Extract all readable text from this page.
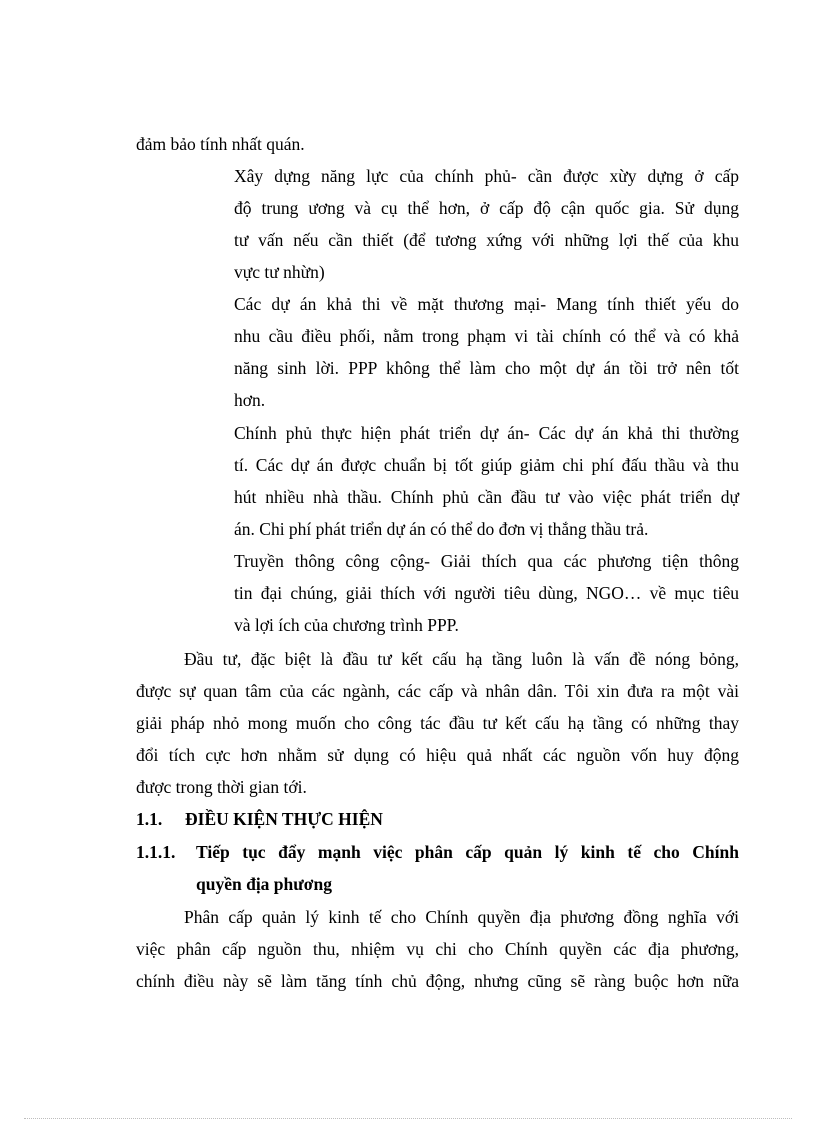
đảm bảo tính nhất quán.

Xây dựng năng lực của chính phủ- cần được xừy dựng ở cấp

độ trung ương và cụ thể hơn, ở cấp độ cận quốc gia. Sử dụng

tư vấn nếu cần thiết (để tương xứng với những lợi thế của khu

vực tư nhừn)

Các dự án khả thi về mặt thương mại- Mang tính thiết yếu do

nhu cầu điều phối, nằm trong phạm vi tài chính có thể và có khả

năng sinh lời. PPP không thể làm cho một dự án tồi trở nên tốt

hơn.

Chính phủ thực hiện phát triển dự án- Các dự án khả thi thường

tí. Các dự án được chuẩn bị tốt giúp giảm chi phí đấu thầu và thu

hút nhiều nhà thầu. Chính phủ cần đầu tư vào việc phát triển dự

án. Chi phí phát triển dự án có thể do đơn vị thắng thầu trả.

Truyền thông công cộng- Giải thích qua các phương tiện thông

tin đại chúng, giải thích với người tiêu dùng, NGO… về mục tiêu

và lợi ích của chương trình PPP.

Đầu tư, đặc biệt là đầu tư kết cấu hạ tầng luôn là vấn đề nóng bỏng,

được sự quan tâm của các ngành, các cấp và nhân dân. Tôi xin đưa ra một vài

giải pháp nhỏ mong muốn cho công tác đầu tư kết cấu hạ tầng có những thay

đổi tích cực hơn nhằm sử dụng có hiệu quả nhất các nguồn vốn huy động

được trong thời gian tới.

1.1. ĐIỀU KIỆN THỰC HIỆN

1.1.1. Tiếp tục đẩy mạnh việc phân cấp quản lý kinh tế cho Chính

quyền địa phương

Phân cấp quản lý kinh tế cho Chính quyền địa phương đồng nghĩa với

việc phân cấp nguồn thu, nhiệm vụ chi cho Chính quyền các địa phương,

chính điều này sẽ làm tăng tính chủ động, nhưng cũng sẽ ràng buộc hơn nữa
